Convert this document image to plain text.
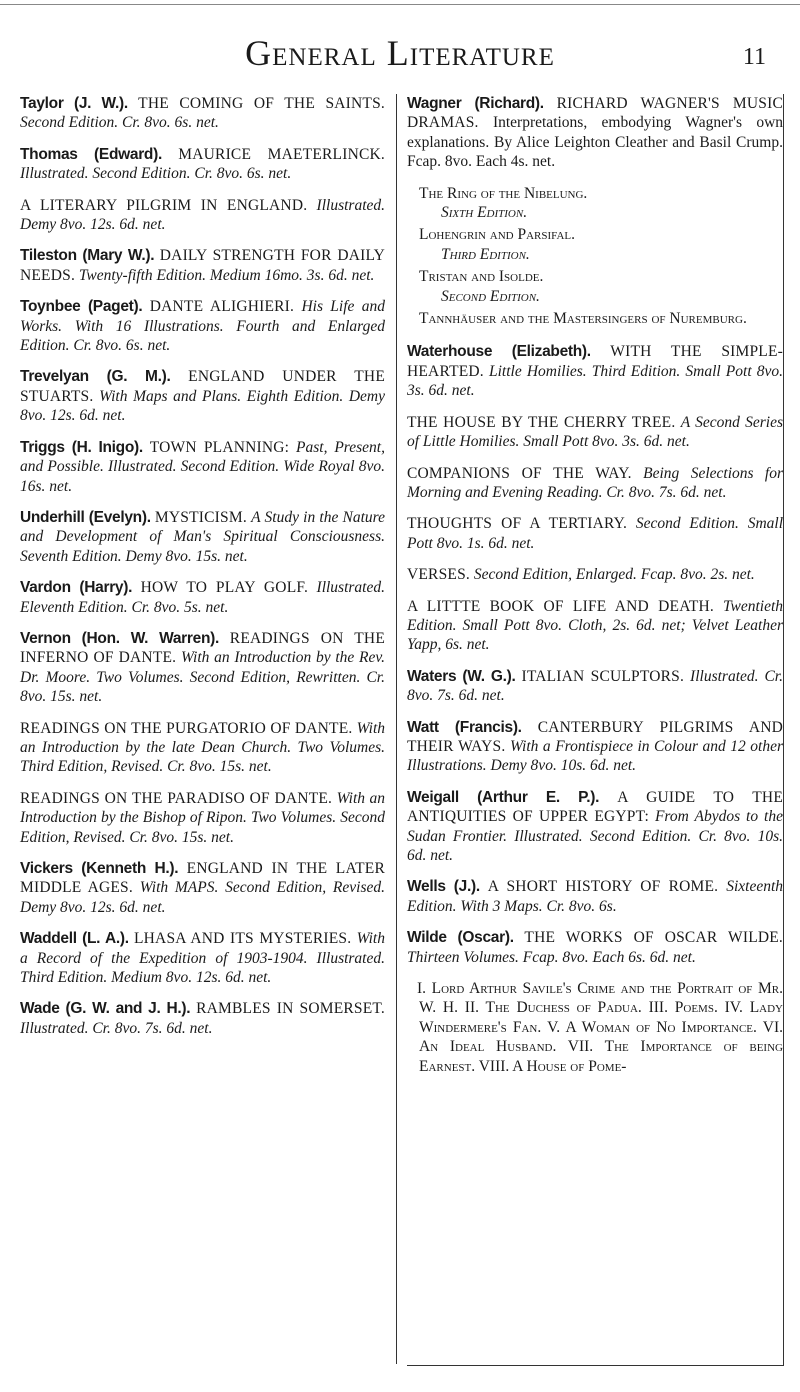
General Literature	11
Taylor (J. W.). THE COMING OF THE SAINTS. Second Edition. Cr. 8vo. 6s. net.
Thomas (Edward). MAURICE MAETERLINCK. Illustrated. Second Edition. Cr. 8vo. 6s. net.
A LITERARY PILGRIM IN ENGLAND. Illustrated. Demy 8vo. 12s. 6d. net.
Tileston (Mary W.). DAILY STRENGTH FOR DAILY NEEDS. Twenty-fifth Edition. Medium 16mo. 3s. 6d. net.
Toynbee (Paget). DANTE ALIGHIERI. His Life and Works. With 16 Illustrations. Fourth and Enlarged Edition. Cr. 8vo. 6s. net.
Trevelyan (G. M.). ENGLAND UNDER THE STUARTS. With Maps and Plans. Eighth Edition. Demy 8vo. 12s. 6d. net.
Triggs (H. Inigo). TOWN PLANNING: Past, Present, and Possible. Illustrated. Second Edition. Wide Royal 8vo. 16s. net.
Underhill (Evelyn). MYSTICISM. A Study in the Nature and Development of Man's Spiritual Consciousness. Seventh Edition. Demy 8vo. 15s. net.
Vardon (Harry). HOW TO PLAY GOLF. Illustrated. Eleventh Edition. Cr. 8vo. 5s. net.
Vernon (Hon. W. Warren). READINGS ON THE INFERNO OF DANTE. With an Introduction by the Rev. Dr. Moore. Two Volumes. Second Edition, Rewritten. Cr. 8vo. 15s. net.
READINGS ON THE PURGATORIO OF DANTE. With an Introduction by the late Dean Church. Two Volumes. Third Edition, Revised. Cr. 8vo. 15s. net.
READINGS ON THE PARADISO OF DANTE. With an Introduction by the Bishop of Ripon. Two Volumes. Second Edition, Revised. Cr. 8vo. 15s. net.
Vickers (Kenneth H.). ENGLAND IN THE LATER MIDDLE AGES. With MAPS. Second Edition, Revised. Demy 8vo. 12s. 6d. net.
Waddell (L. A.). LHASA AND ITS MYSTERIES. With a Record of the Expedition of 1903-1904. Illustrated. Third Edition. Medium 8vo. 12s. 6d. net.
Wade (G. W. and J. H.). RAMBLES IN SOMERSET. Illustrated. Cr. 8vo. 7s. 6d. net.
Wagner (Richard). RICHARD WAGNER'S MUSIC DRAMAS. Interpretations, embodying Wagner's own explanations. By Alice Leighton Cleather and Basil Crump. Fcap. 8vo. Each 4s. net.
The Ring of the Nibelung.
Sixth Edition.
Lohengrin and Parsifal.
Third Edition.
Tristan and Isolde.
Second Edition.
Tannhäuser and the Mastersingers of Nuremburg.
Waterhouse (Elizabeth). WITH THE SIMPLE-HEARTED. Little Homilies. Third Edition. Small Pott 8vo. 3s. 6d. net.
THE HOUSE BY THE CHERRY TREE. A Second Series of Little Homilies. Small Pott 8vo. 3s. 6d. net.
COMPANIONS OF THE WAY. Being Selections for Morning and Evening Reading. Cr. 8vo. 7s. 6d. net.
THOUGHTS OF A TERTIARY. Second Edition. Small Pott 8vo. 1s. 6d. net.
VERSES. Second Edition, Enlarged. Fcap. 8vo. 2s. net.
A LITTTE BOOK OF LIFE AND DEATH. Twentieth Edition. Small Pott 8vo. Cloth, 2s. 6d. net; Velvet Leather Yapp, 6s. net.
Waters (W. G.). ITALIAN SCULPTORS. Illustrated. Cr. 8vo. 7s. 6d. net.
Watt (Francis). CANTERBURY PILGRIMS AND THEIR WAYS. With a Frontispiece in Colour and 12 other Illustrations. Demy 8vo. 10s. 6d. net.
Weigall (Arthur E. P.). A GUIDE TO THE ANTIQUITIES OF UPPER EGYPT: From Abydos to the Sudan Frontier. Illustrated. Second Edition. Cr. 8vo. 10s. 6d. net.
Wells (J.). A SHORT HISTORY OF ROME. Sixteenth Edition. With 3 Maps. Cr. 8vo. 6s.
Wilde (Oscar). THE WORKS OF OSCAR WILDE. Thirteen Volumes. Fcap. 8vo. Each 6s. 6d. net.
I. Lord Arthur Savile's Crime and the Portrait of Mr. W. H. II. The Duchess of Padua. III. Poems. IV. Lady Windermere's Fan. V. A Woman of No Importance. VI. An Ideal Husband. VII. The Importance of being Earnest. VIII. A House of Pome-
